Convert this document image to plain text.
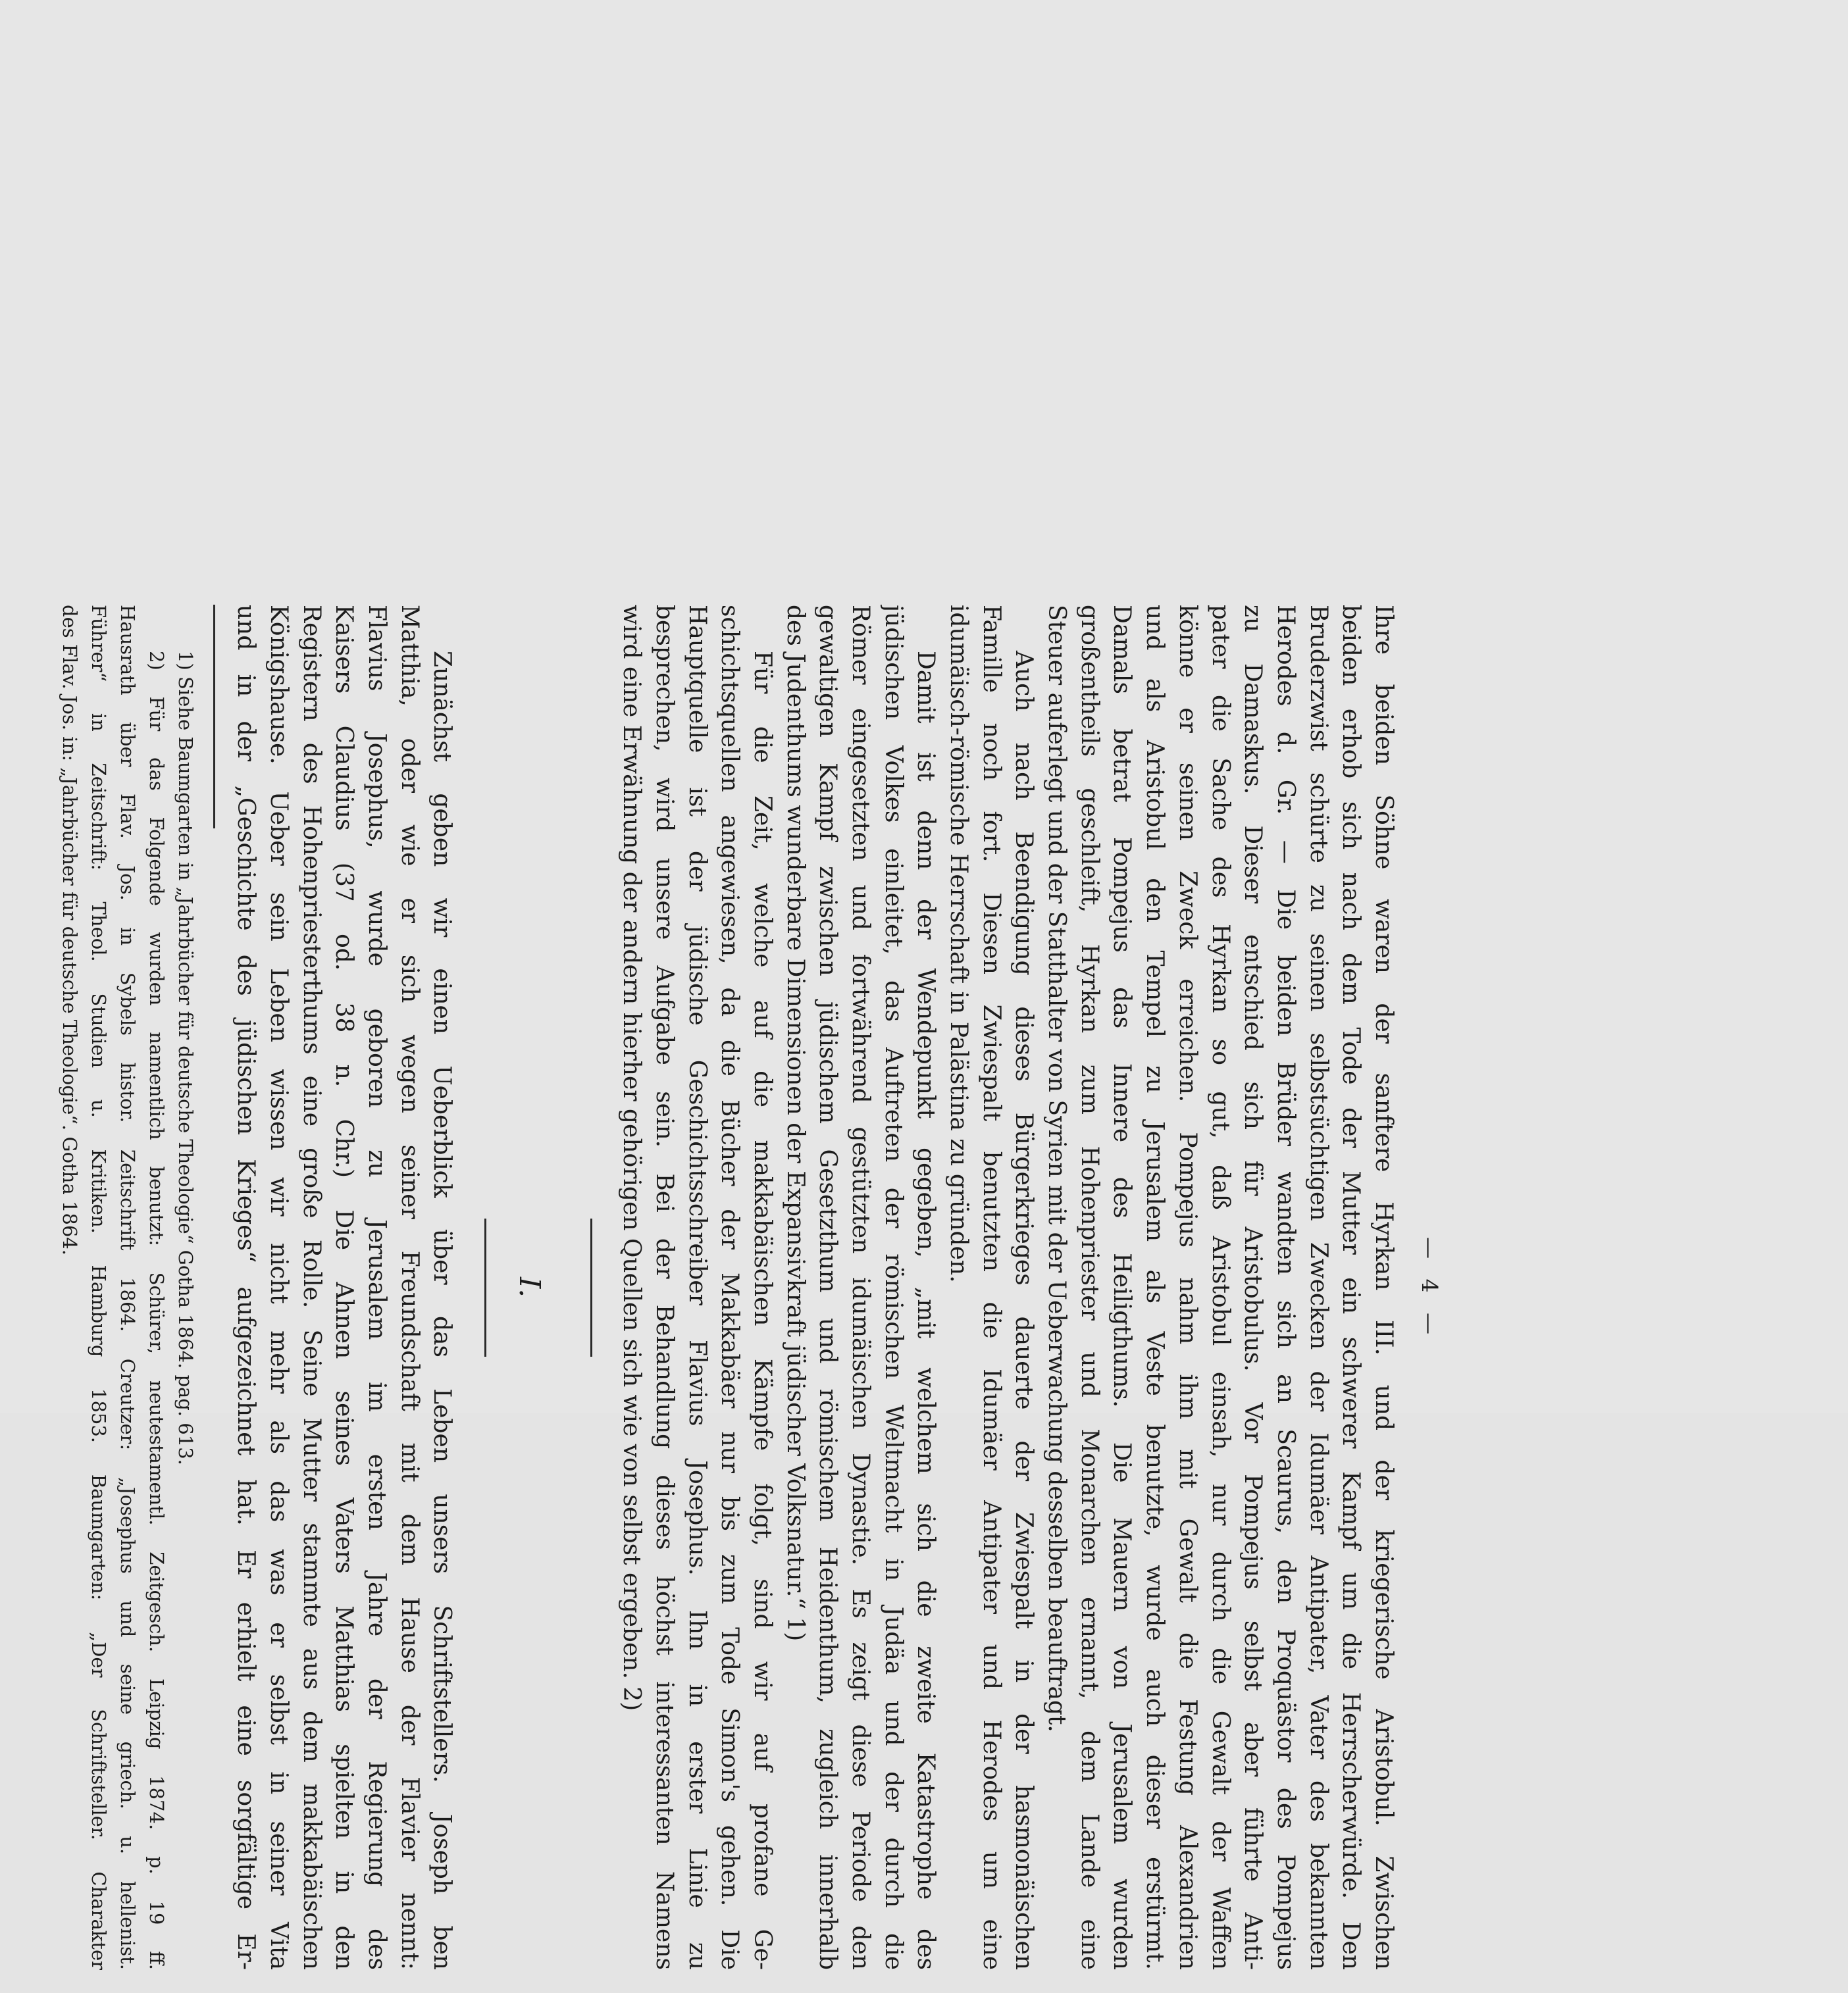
— 4 —
Ihre beiden Söhne waren der sanftere Hyrkan III. und der kriegerische Aristobul. Zwischen
beiden erhob sich nach dem Tode der Mutter ein schwerer Kampf um die Herrscherwürde. Den
Bruderzwist schürte zu seinen selbstsüchtigen Zwecken der Idumäer Antipater, Vater des bekannten
Herodes d. Gr. — Die beiden Brüder wandten sich an Scaurus, den Proquästor des Pompejus
zu Damaskus. Dieser entschied sich für Aristobulus. Vor Pompejus selbst aber führte Anti-
pater die Sache des Hyrkan so gut, daß Aristobul einsah, nur durch die Gewalt der Waffen
könne er seinen Zweck erreichen. Pompejus nahm ihm mit Gewalt die Festung Alexandrien
und als Aristobul den Tempel zu Jerusalem als Veste benutzte, wurde auch dieser erstürmt.
Damals betrat Pompejus das Innere des Heiligthums. Die Mauern von Jerusalem wurden
großentheils geschleift, Hyrkan zum Hohenpriester und Monarchen ernannt, dem Lande eine
Steuer auferlegt und der Statthalter von Syrien mit der Ueberwachung desselben beauftragt.
Auch nach Beendigung dieses Bürgerkrieges dauerte der Zwiespalt in der hasmonäischen
Famille noch fort. Diesen Zwiespalt benutzten die Idumäer Antipater und Herodes um eine
idumäisch-römische Herrschaft in Palästina zu gründen.
Damit ist denn der Wendepunkt gegeben, „mit welchem sich die zweite Katastrophe des
jüdischen Volkes einleitet, das Auftreten der römischen Weltmacht in Judäa und der durch die
Römer eingesetzten und fortwährend gestützten idumäischen Dynastie. Es zeigt diese Periode den
gewaltigen Kampf zwischen jüdischem Gesetzthum und römischem Heidenthum, zugleich innerhalb
des Judenthums wunderbare Dimensionen der Expansivkraft jüdischer Volksnatur.“ 1)
Für die Zeit, welche auf die makkabäischen Kämpfe folgt, sind wir auf profane Ge-
schichtsquellen angewiesen, da die Bücher der Makkabäer nur bis zum Tode Simon's gehen. Die
Hauptquelle ist der jüdische Geschichtsschreiber Flavius Josephus. Ihn in erster Linie zu
besprechen, wird unsere Aufgabe sein. Bei der Behandlung dieses höchst interessanten Namens
wird eine Erwähnung der andern hierher gehörigen Quellen sich wie von selbst ergeben. 2)
I.
Zunächst geben wir einen Ueberblick über das Leben unsers Schriftstellers. Joseph ben
Matthia, oder wie er sich wegen seiner Freundschaft mit dem Hause der Flavier nennt:
Flavius Josephus, wurde geboren zu Jerusalem im ersten Jahre der Regierung des
Kaisers Claudius (37 od. 38 n. Chr.) Die Ahnen seines Vaters Matthias spielten in den
Registern des Hohenpriesterthums eine große Rolle. Seine Mutter stammte aus dem makkabäischen
Königshause. Ueber sein Leben wissen wir nicht mehr als das was er selbst in seiner Vita
und in der „Geschichte des jüdischen Krieges“ aufgezeichnet hat. Er erhielt eine sorgfältige Er-
1) Siehe Baumgarten in „Jahrbücher für deutsche Theologie“ Gotha 1864. pag. 613.
2) Für das Folgende wurden namentlich benutzt: Schürer, neutestamentl. Zeitgesch. Leipzig 1874. p. 19 ff.
Hausrath über Flav. Jos. in Sybels histor. Zeitschrift 1864. Creutzer: „Josephus und seine griech. u. hellenist.
Führer“ in Zeitschrift: Theol. Studien u. Kritiken. Hamburg 1853. Baumgarten: „Der Schriftsteller. Charakter
des Flav. Jos. in: „Jahrbücher für deutsche Theologie“. Gotha 1864.
